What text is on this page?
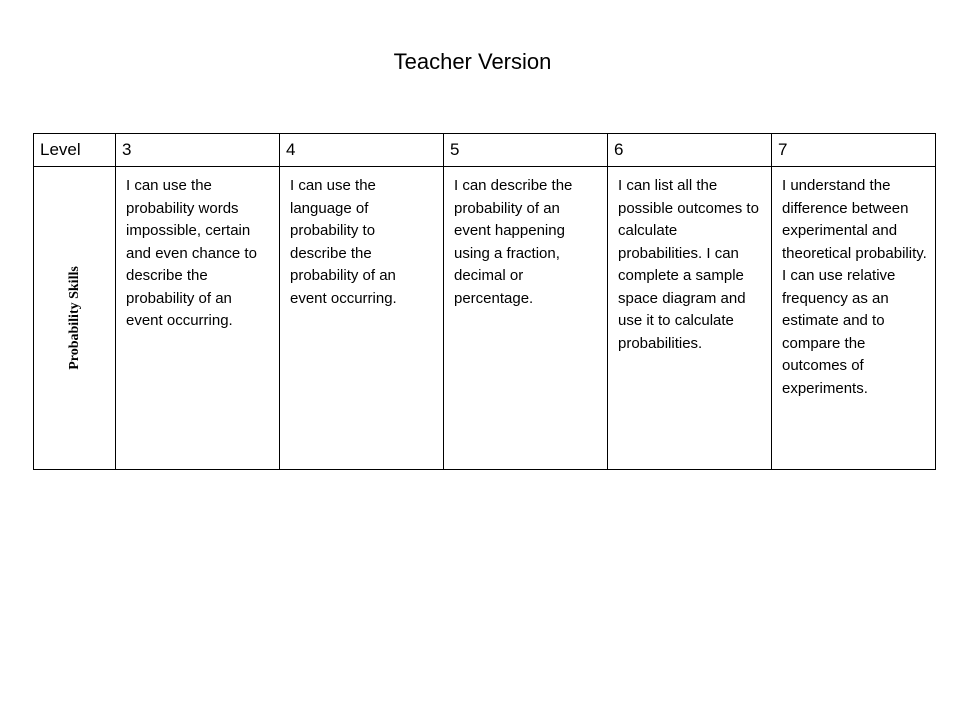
Teacher Version
Level	3	4	5	6	7

Probability Skills	I can use the probability words impossible, certain and even chance to describe the probability of an event occurring.	I can use the language of probability to describe the probability of an event occurring.	I can describe the probability of an event happening using a fraction, decimal or percentage.	I can list all the possible outcomes to calculate probabilities. I can complete a sample space diagram and use it to calculate probabilities.	I understand the difference between experimental and theoretical probability. I can use relative frequency as an estimate and to compare the outcomes of experiments.
